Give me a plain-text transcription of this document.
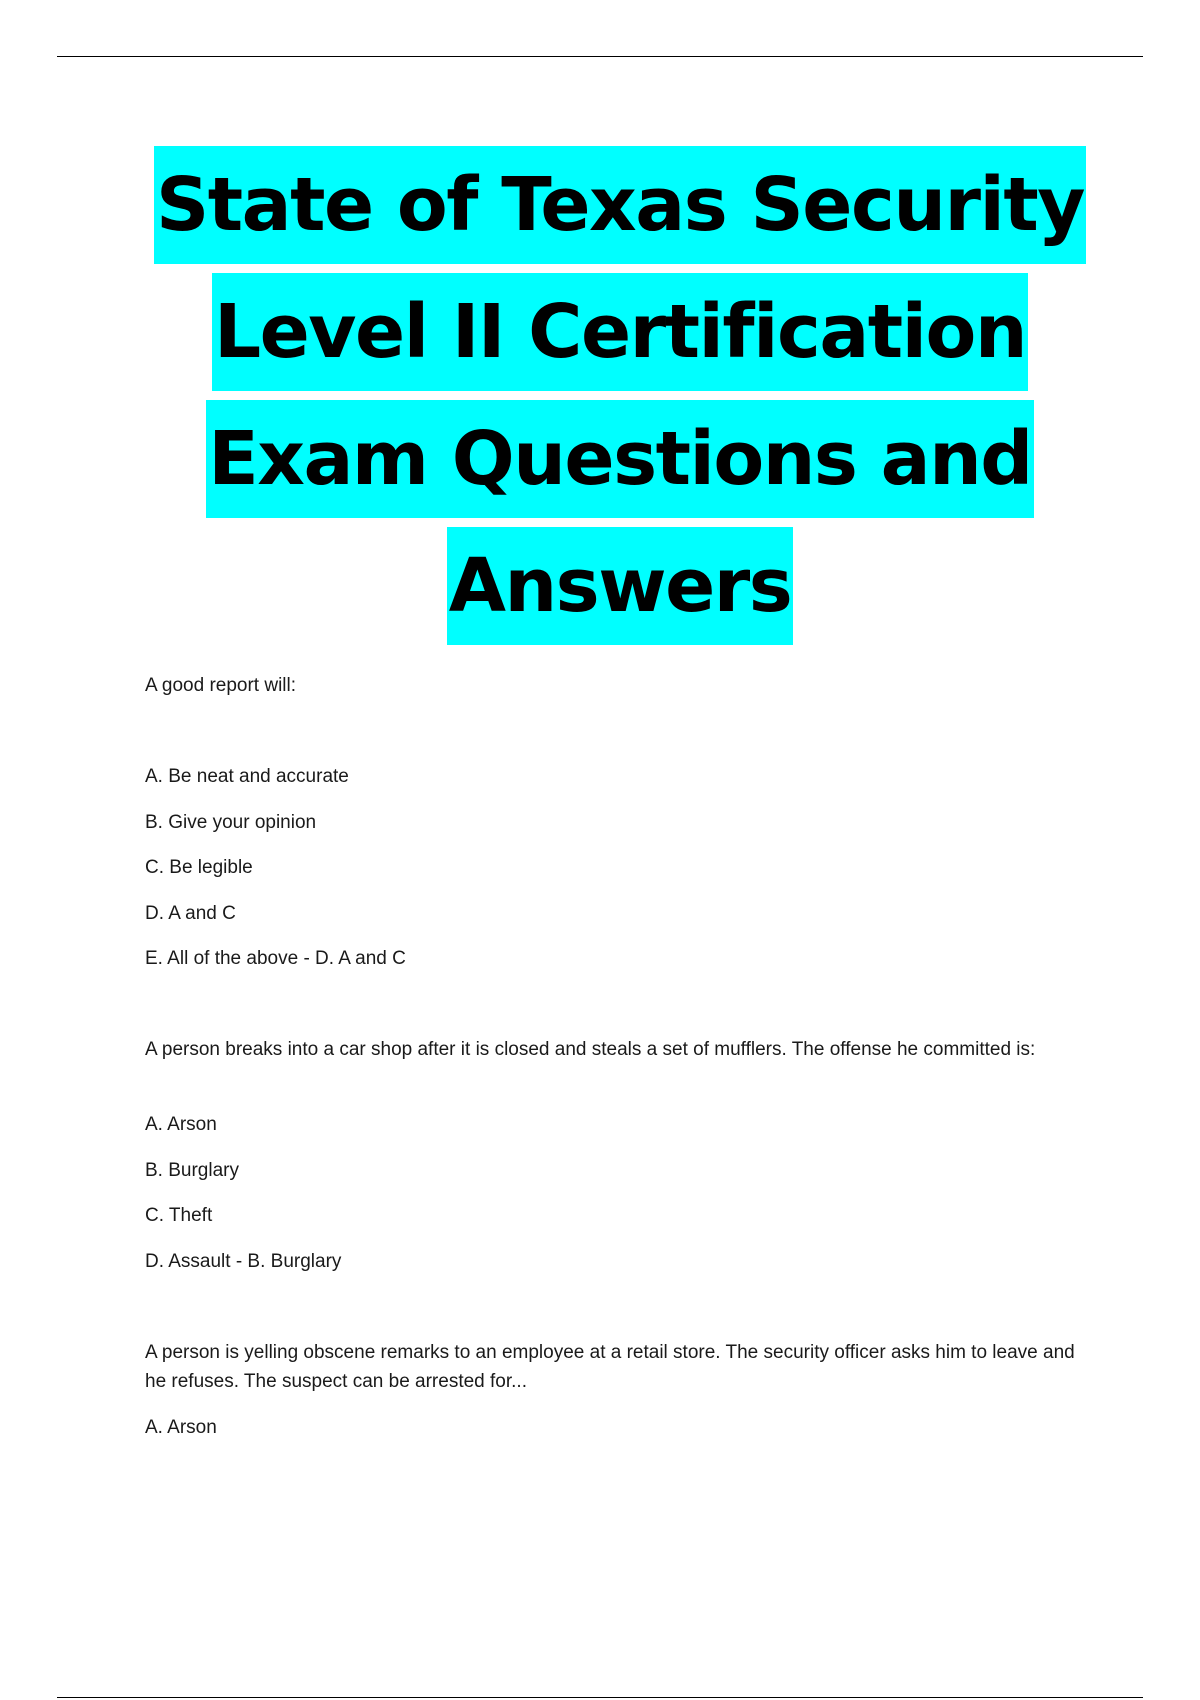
State of Texas Security
Level II Certification
Exam Questions and
Answers
A good report will:
A. Be neat and accurate
B. Give your opinion
C. Be legible
D. A and C
E. All of the above - D. A and C
A person breaks into a car shop after it is closed and steals a set of mufflers. The offense he committed is:
A. Arson
B. Burglary
C. Theft
D. Assault - B. Burglary
A person is yelling obscene remarks to an employee at a retail store. The security officer asks him to leave and he refuses. The suspect can be arrested for...
A. Arson
